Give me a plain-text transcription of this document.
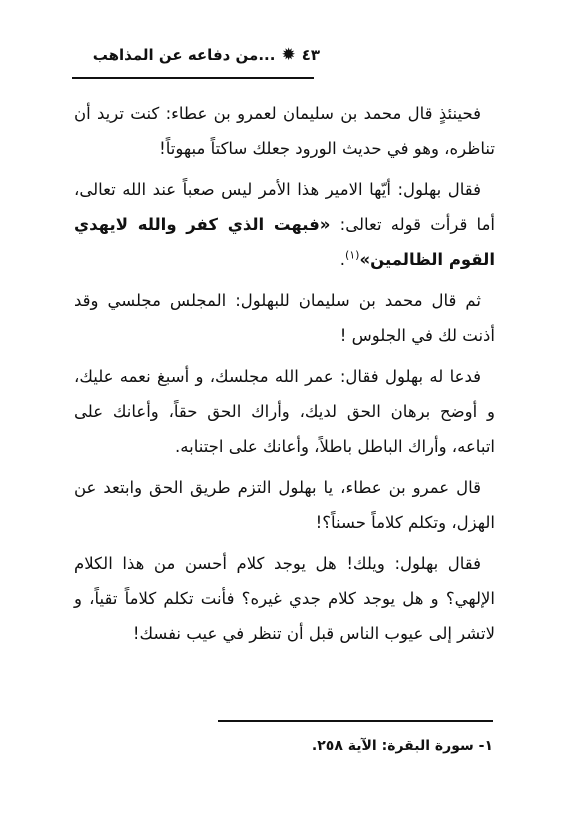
٤٣
✹
...من دفاعه عن المذاهب

فحينئذٍ قال محمد بن سليمان لعمرو بن عطاء: كنت تريد أن تناظره، وهو في حديث الورود جعلك ساكتاً مبهوتاً!

فقال بهلول: أيّها الامير هذا الأمر ليس صعباً عند الله تعالى، أما قرأت قوله تعالى: «فبهت الذي كفر والله لايهدي القوم الظالمين»$^{(١)}$.

ثم قال محمد بن سليمان للبهلول: المجلس مجلسي وقد أذنت لك في الجلوس !

فدعا له بهلول فقال: عمر الله مجلسك، و أسبغ نعمه عليك، و أوضح برهان الحق لديك، وأراك الحق حقاً، وأعانك على اتباعه، وأراك الباطل باطلاً، وأعانك على اجتنابه.

قال عمرو بن عطاء، يا بهلول التزم طريق الحق وابتعد عن الهزل، وتكلم كلاماً حسناً؟!

فقال بهلول: ويلك! هل يوجد كلام أحسن من هذا الكلام الإلهي؟ و هل يوجد كلام جدي غيره؟ فأنت تكلم كلاماً تقياً، و لاتشر إلى عيوب الناس قبل أن تنظر في عيب نفسك!

١- سورة البقرة: الآية ٢٥٨.
